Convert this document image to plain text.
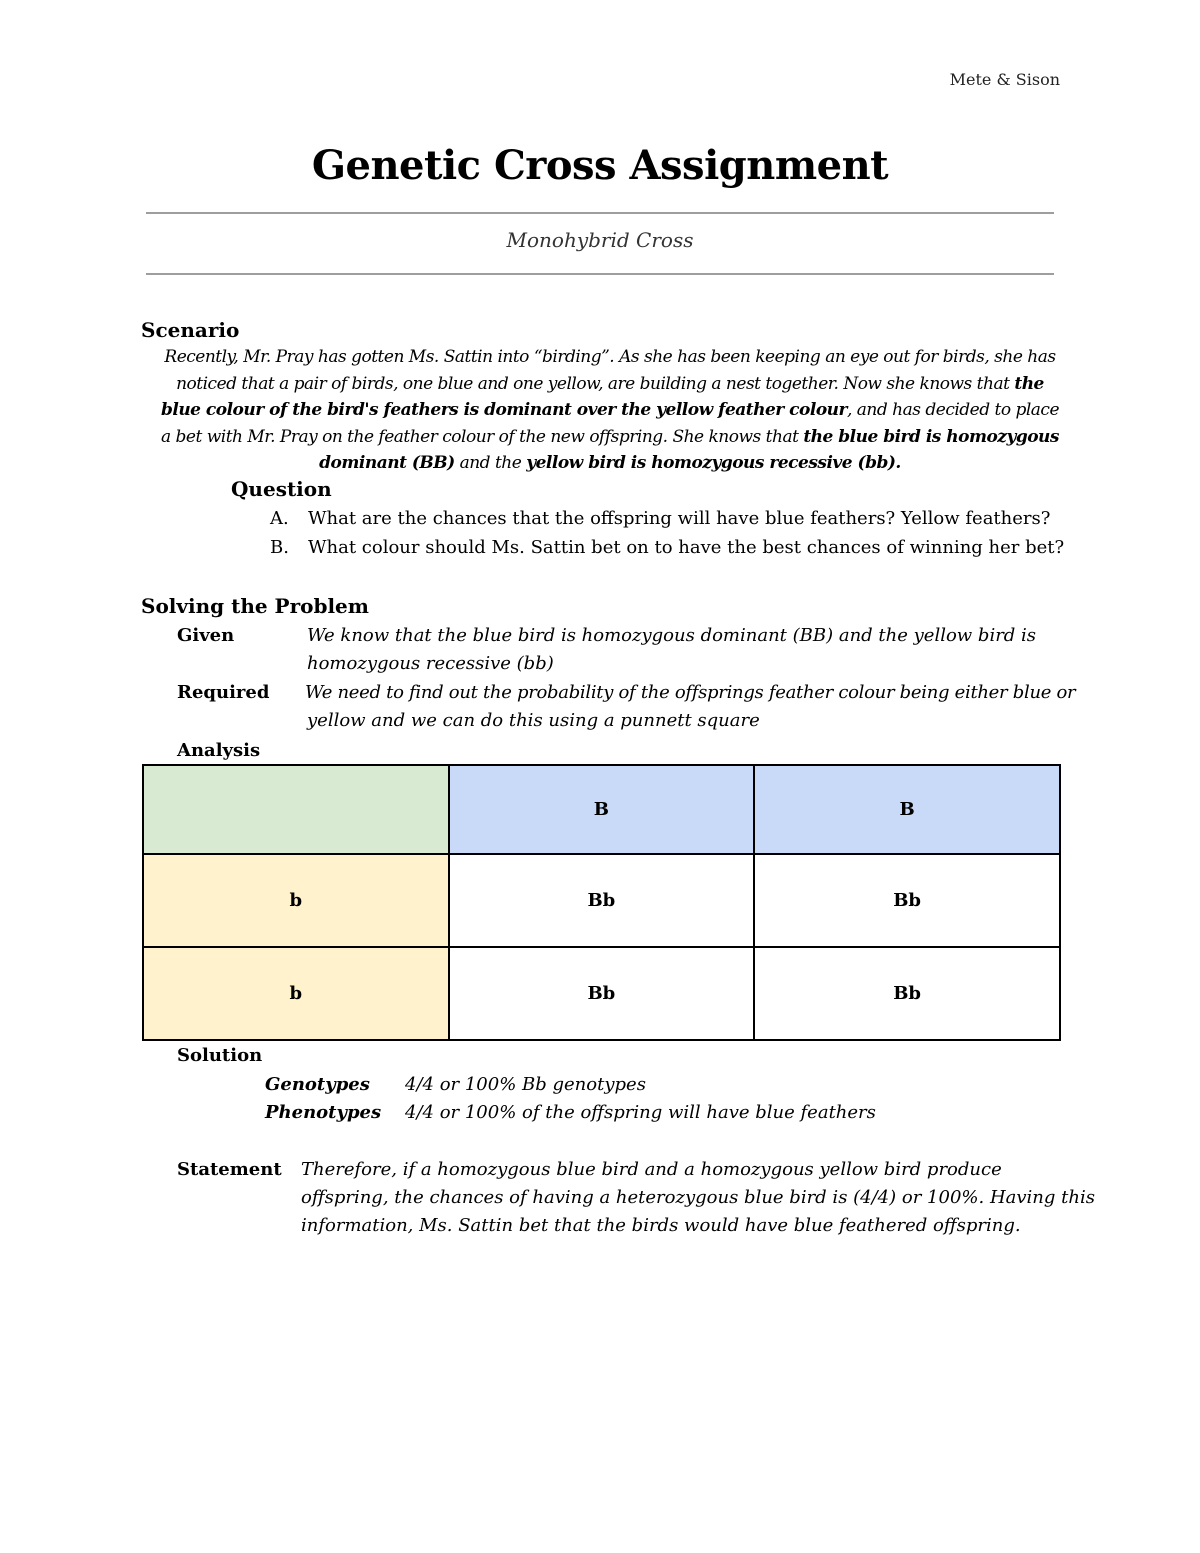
Mete & Sison
Genetic Cross Assignment
Monohybrid Cross
Scenario
Recently, Mr. Pray has gotten Ms. Sattin into “birding”. As she has been keeping an eye out for birds, she has noticed that a pair of birds, one blue and one yellow, are building a nest together. Now she knows that the blue colour of the bird's feathers is dominant over the yellow feather colour, and has decided to place a bet with Mr. Pray on the feather colour of the new offspring. She knows that the blue bird is homozygous dominant (BB) and the yellow bird is homozygous recessive (bb).
Question
A.	What are the chances that the offspring will have blue feathers? Yellow feathers?
B.	What colour should Ms. Sattin bet on to have the best chances of winning her bet?
Solving the Problem
Given	We know that the blue bird is homozygous dominant (BB) and the yellow bird is
homozygous recessive (bb)
Required We need to find out the probability of the offsprings feather colour being either blue or
yellow and we can do this using a punnett square
Analysis
	B	B
b	Bb	Bb
b	Bb	Bb
Solution
Genotypes	4/4 or 100% Bb genotypes
Phenotypes	4/4 or 100% of the offspring will have blue feathers
Statement Therefore, if a homozygous blue bird and a homozygous yellow bird produce
offspring, the chances of having a heterozygous blue bird is (4/4) or 100%. Having this
information, Ms. Sattin bet that the birds would have blue feathered offspring.
